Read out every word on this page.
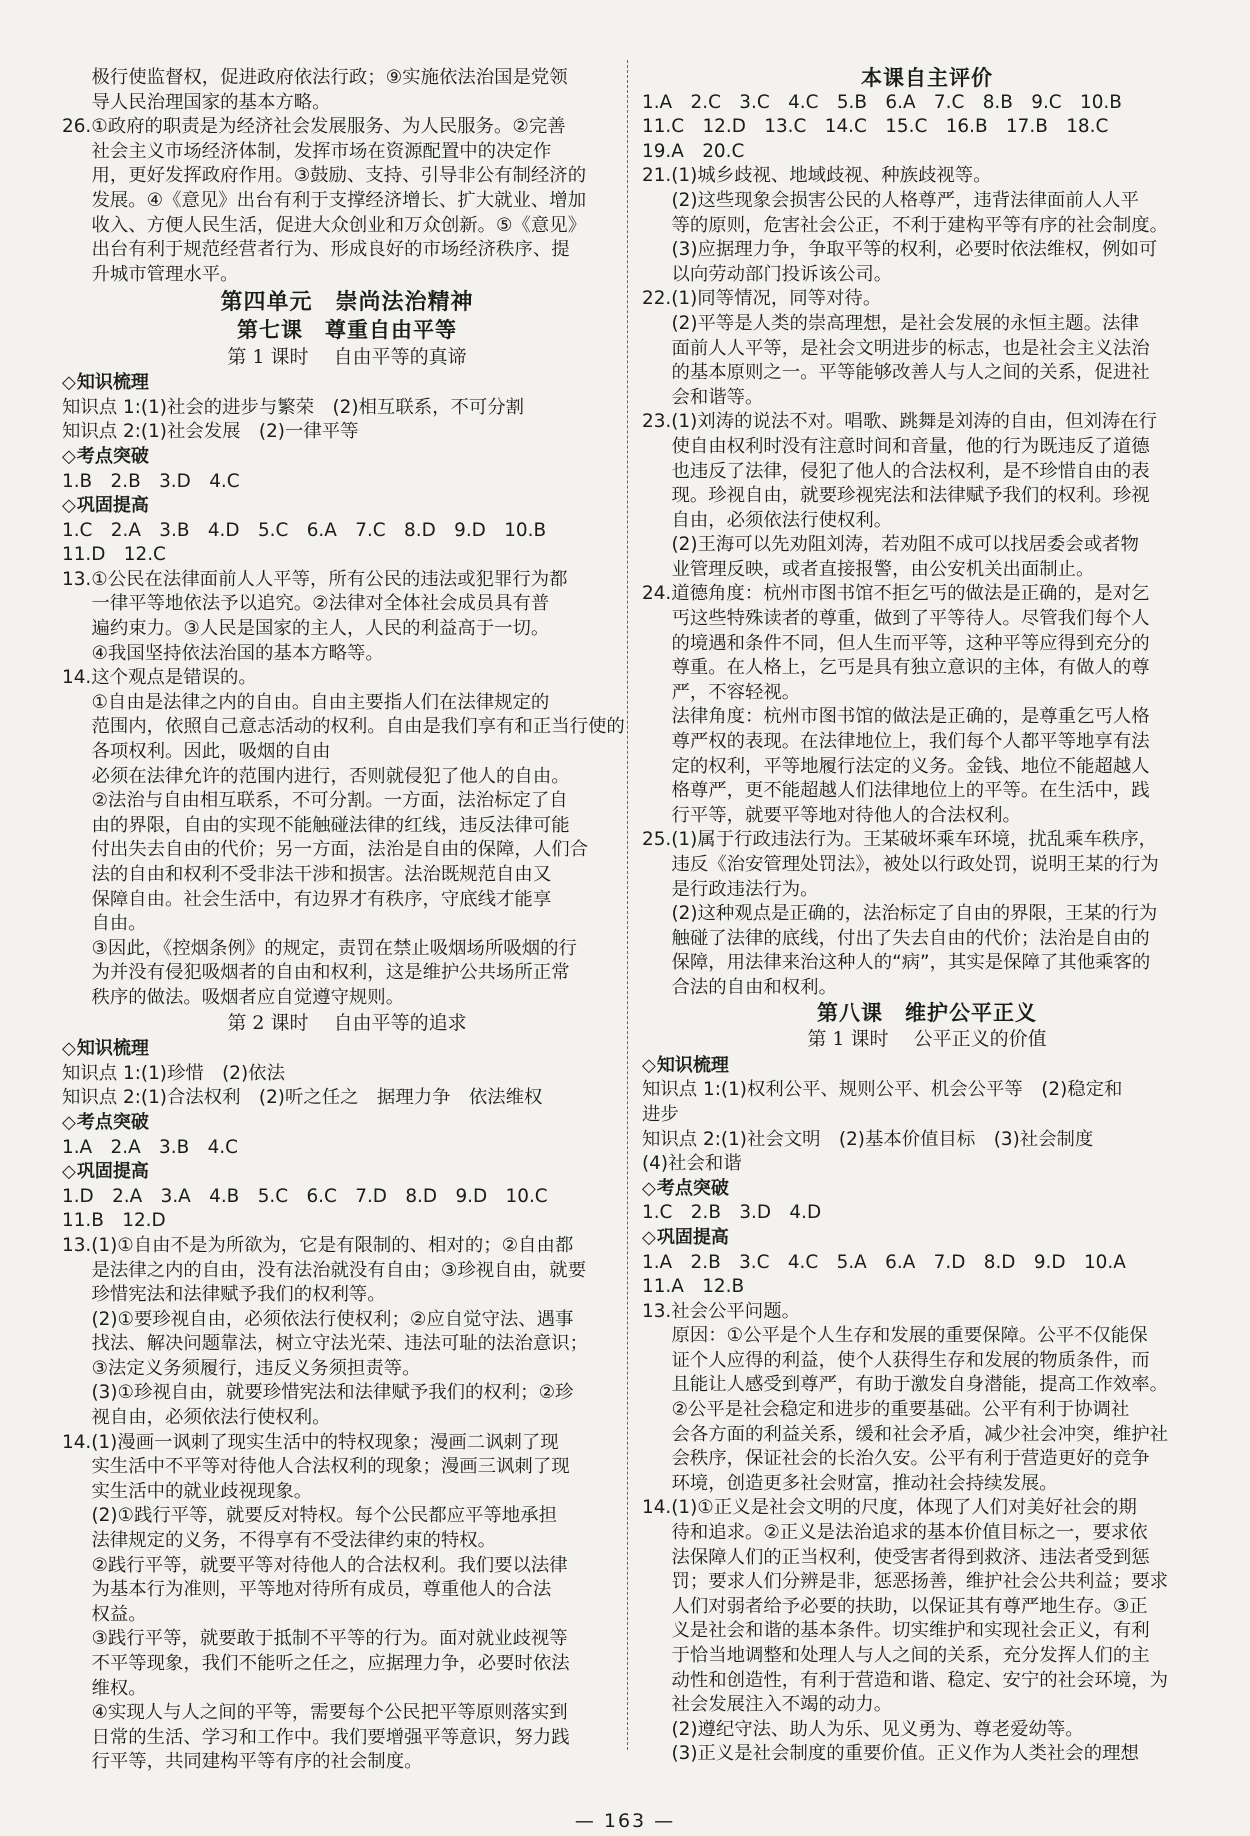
极行使监督权，促进政府依法行政；⑨实施依法治国是党领

导人民治理国家的基本方略。

26.①政府的职责是为经济社会发展服务、为人民服务。②完善

社会主义市场经济体制，发挥市场在资源配置中的决定作

用，更好发挥政府作用。③鼓励、支持、引导非公有制经济的

发展。④《意见》出台有利于支撑经济增长、扩大就业、增加

收入、方便人民生活，促进大众创业和万众创新。⑤《意见》

出台有利于规范经营者行为、形成良好的市场经济秩序、提

升城市管理水平。

第四单元　崇尚法治精神

第七课　尊重自由平等

第 1 课时　 自由平等的真谛

◇ 知识梳理

知识点 1:(1)社会的进步与繁荣　(2)相互联系，不可分割

知识点 2:(1)社会发展　(2)一律平等

◇ 考点突破

1.B　2.B　3.D　4.C

◇ 巩固提高

1.C　2.A　3.B　4.D　5.C　6.A　7.C　8.D　9.D　10.B

11.D　12.C

13.①公民在法律面前人人平等，所有公民的违法或犯罪行为都

一律平等地依法予以追究。②法律对全体社会成员具有普

遍约束力。③人民是国家的主人，人民的利益高于一切。

④我国坚持依法治国的基本方略等。

14.这个观点是错误的。

①自由是法律之内的自由。自由主要指人们在法律规定的

范围内，依照自己意志活动的权利。自由是我们享有和正当行使的各项权利。因此，吸烟的自由

必须在法律允许的范围内进行，否则就侵犯了他人的自由。

②法治与自由相互联系，不可分割。一方面，法治标定了自

由的界限，自由的实现不能触碰法律的红线，违反法律可能

付出失去自由的代价；另一方面，法治是自由的保障，人们合

法的自由和权利不受非法干涉和损害。法治既规范自由又

保障自由。社会生活中，有边界才有秩序，守底线才能享

自由。

③因此，《控烟条例》的规定，责罚在禁止吸烟场所吸烟的行

为并没有侵犯吸烟者的自由和权利，这是维护公共场所正常

秩序的做法。吸烟者应自觉遵守规则。

第 2 课时　 自由平等的追求

◇ 知识梳理

知识点 1:(1)珍惜　(2)依法

知识点 2:(1)合法权利　(2)听之任之　据理力争　依法维权

◇ 考点突破

1.A　2.A　3.B　4.C

◇ 巩固提高

1.D　2.A　3.A　4.B　5.C　6.C　7.D　8.D　9.D　10.C

11.B　12.D

13.(1)①自由不是为所欲为，它是有限制的、相对的；②自由都

是法律之内的自由，没有法治就没有自由；③珍视自由，就要

珍惜宪法和法律赋予我们的权利等。

(2)①要珍视自由，必须依法行使权利；②应自觉守法、遇事

找法、解决问题靠法，树立守法光荣、违法可耻的法治意识；

③法定义务须履行，违反义务须担责等。

(3)①珍视自由，就要珍惜宪法和法律赋予我们的权利；②珍

视自由，必须依法行使权利。

14.(1)漫画一讽刺了现实生活中的特权现象；漫画二讽刺了现

实生活中不平等对待他人合法权利的现象；漫画三讽刺了现

实生活中的就业歧视现象。

(2)①践行平等，就要反对特权。每个公民都应平等地承担

法律规定的义务，不得享有不受法律约束的特权。

②践行平等，就要平等对待他人的合法权利。我们要以法律

为基本行为准则，平等地对待所有成员，尊重他人的合法

权益。

③践行平等，就要敢于抵制不平等的行为。面对就业歧视等

不平等现象，我们不能听之任之，应据理力争，必要时依法

维权。

④实现人与人之间的平等，需要每个公民把平等原则落实到

日常的生活、学习和工作中。我们要增强平等意识，努力践

行平等，共同建构平等有序的社会制度。

本课自主评价

1.A　2.C　3.C　4.C　5.B　6.A　7.C　8.B　9.C　10.B

11.C　12.D　13.C　14.C　15.C　16.B　17.B　18.C

19.A　20.C

21.(1)城乡歧视、地域歧视、种族歧视等。

(2)这些现象会损害公民的人格尊严，违背法律面前人人平

等的原则，危害社会公正，不利于建构平等有序的社会制度。

(3)应据理力争，争取平等的权利，必要时依法维权，例如可

以向劳动部门投诉该公司。

22.(1)同等情况，同等对待。

(2)平等是人类的崇高理想，是社会发展的永恒主题。法律

面前人人平等，是社会文明进步的标志，也是社会主义法治

的基本原则之一。平等能够改善人与人之间的关系，促进社

会和谐等。

23.(1)刘涛的说法不对。唱歌、跳舞是刘涛的自由，但刘涛在行

使自由权利时没有注意时间和音量，他的行为既违反了道德

也违反了法律，侵犯了他人的合法权利，是不珍惜自由的表

现。珍视自由，就要珍视宪法和法律赋予我们的权利。珍视

自由，必须依法行使权利。

(2)王海可以先劝阻刘涛，若劝阻不成可以找居委会或者物

业管理反映，或者直接报警，由公安机关出面制止。

24.道德角度：杭州市图书馆不拒乞丐的做法是正确的，是对乞

丐这些特殊读者的尊重，做到了平等待人。尽管我们每个人

的境遇和条件不同，但人生而平等，这种平等应得到充分的

尊重。在人格上，乞丐是具有独立意识的主体，有做人的尊

严，不容轻视。

法律角度：杭州市图书馆的做法是正确的，是尊重乞丐人格

尊严权的表现。在法律地位上，我们每个人都平等地享有法

定的权利，平等地履行法定的义务。金钱、地位不能超越人

格尊严，更不能超越人们法律地位上的平等。在生活中，践

行平等，就要平等地对待他人的合法权利。

25.(1)属于行政违法行为。王某破坏乘车环境，扰乱乘车秩序，

违反《治安管理处罚法》，被处以行政处罚，说明王某的行为

是行政违法行为。

(2)这种观点是正确的，法治标定了自由的界限，王某的行为

触碰了法律的底线，付出了失去自由的代价；法治是自由的

保障，用法律来治这种人的“病”，其实是保障了其他乘客的

合法的自由和权利。

第八课　维护公平正义

第 1 课时　 公平正义的价值

◇ 知识梳理

知识点 1:(1)权利公平、规则公平、机会公平等　(2)稳定和

进步

知识点 2:(1)社会文明　(2)基本价值目标　(3)社会制度

(4)社会和谐

◇ 考点突破

1.C　2.B　3.D　4.D

◇ 巩固提高

1.A　2.B　3.C　4.C　5.A　6.A　7.D　8.D　9.D　10.A

11.A　12.B

13.社会公平问题。

原因：①公平是个人生存和发展的重要保障。公平不仅能保

证个人应得的利益，使个人获得生存和发展的物质条件，而

且能让人感受到尊严，有助于激发自身潜能，提高工作效率。

②公平是社会稳定和进步的重要基础。公平有利于协调社

会各方面的利益关系，缓和社会矛盾，减少社会冲突，维护社

会秩序，保证社会的长治久安。公平有利于营造更好的竞争

环境，创造更多社会财富，推动社会持续发展。

14.(1)①正义是社会文明的尺度，体现了人们对美好社会的期

待和追求。②正义是法治追求的基本价值目标之一，要求依

法保障人们的正当权利，使受害者得到救济、违法者受到惩

罚；要求人们分辨是非，惩恶扬善，维护社会公共利益；要求

人们对弱者给予必要的扶助，以保证其有尊严地生存。③正

义是社会和谐的基本条件。切实维护和实现社会正义，有利

于恰当地调整和处理人与人之间的关系，充分发挥人们的主

动性和创造性，有利于营造和谐、稳定、安宁的社会环境，为

社会发展注入不竭的动力。

(2)遵纪守法、助人为乐、见义勇为、尊老爱幼等。

(3)正义是社会制度的重要价值。正义作为人类社会的理想

— 163 —
